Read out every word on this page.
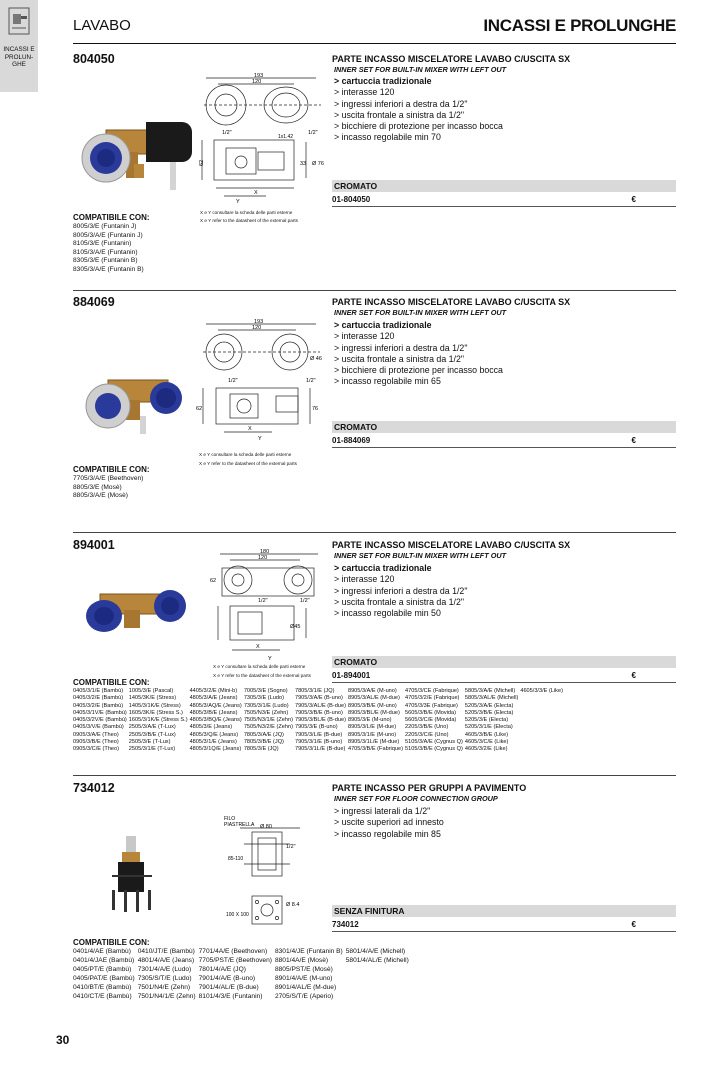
INCASSI E
PROLUN-
GHE
LAVABO	INCASSI E PROLUNGHE
804050	PARTE INCASSO MISCELATORE LAVABO C/USCITA SX
INNER SET FOR BUILT-IN MIXER WITH LEFT OUT
> cartuccia tradizionale
> interasse 120
> ingressi inferiori a destra da 1/2"
> uscita frontale a sinistra da 1/2"
> bicchiere di protezione per incasso bocca
> incasso regolabile min 70
193
120
1/2"	1/2"
1x1.42
62	33 Ø 76
X
Y
X e Y consultare la scheda delle parti esterne
X e Y refer to the datasheet of the external parts
CROMATO
01-804050	€
COMPATIBILE CON:
8005/3/E (Funtanin J)
8005/3/A/E (Funtanin J)
8105/3/E (Funtanin)
8105/3/A/E (Funtanin)
8305/3/E (Funtanin B)
8305/3/A/E (Funtanin B)
884069	PARTE INCASSO MISCELATORE LAVABO C/USCITA SX
INNER SET FOR BUILT-IN MIXER WITH LEFT OUT
> cartuccia tradizionale
> interasse 120
> ingressi inferiori a destra da 1/2"
> uscita frontale a sinistra da 1/2"
> bicchiere di protezione per incasso bocca
> incasso regolabile min 65
193
120
1/2"	1/2"
62	76
Ø 46
X
Y
X e Y consultare la scheda delle parti esterne
X e Y refer to the datasheet of the external parts
CROMATO
01-884069	€
COMPATIBILE CON:
7705/3/A/E (Beethoven)
8805/3/E (Mosè)
8805/3/A/E (Mosè)
894001	PARTE INCASSO MISCELATORE LAVABO C/USCITA SX
INNER SET FOR BUILT-IN MIXER WITH LEFT OUT
> cartuccia tradizionale
> interasse 120
> ingressi inferiori a destra da 1/2"
> uscita frontale a sinistra da 1/2"
> incasso regolabile min 50
180
120
1/2"	1/2"
62
Ø45
X
Y
X e Y consultare la scheda delle parti esterne
X e Y refer to the datasheet of the external parts
CROMATO
01-894001	€
COMPATIBILE CON:
0405/3/1/E (Bambù)	1005/3/E (Pascal)	4405/3/2/E (Mini-b)	7005/3/E (Sogno)	7805/3/1/E (JQ)	8905/3/A/E (M-uno)	4705/3/CE (Fabrique)	5805/3/A/E (Michell)	4605/3/3/E (Like)
0405/3/2/E (Bambù)	1405/3K/E (Stress)	4805/3/A/E (Jeans)	7305/3/E (Ludo)	7905/3/A/E (B-uno)	8905/3/AL/E (M-due)	4705/3/2/E (Fabrique)	5805/3/AL/E (Michell)	
0405/3/2/E (Bambù)	1405/3/1K/E (Stress)	4805/3/AQ/E (Jeans)	7305/3/1/E (Ludo)	7905/3/AL/E (B-due)	8905/3/B/E (M-uno)	4705/3/3E (Fabrique)	5205/3/A/E (Electa)	
0405/3/1V/E (Bambù)	1605/3K/E (Stress S.)	4805/3/B/E (Jeans)	7505/N3/E (Zehn)	7905/3/B/E (B-uno)	8905/3/BL/E (M-due)	5605/3/B/E (Movida)	5205/3/B/E (Electa)	
0405/3/2V/E (Bambù)	1605/3/1K/E (Stress S.)	4805/3/BQ/E (Jeans)	7505/N3/1/E (Zehn)	7905/3/BL/E (B-due)	8905/3/E (M-uno)	5605/3/C/E (Movida)	5205/3/E (Electa)	
0405/3/V/E (Bambù)	2505/3/A/E (T-Lux)	4805/3/E (Jeans)	7505/N3/2/E (Zehn)	7905/3/E (B-uno)	8905/3/L/E (M-due)	2205/3/B/E (Uno)	5205/3/1/E (Electa)	
0905/3/A/E (Theo)	2505/3/B/E (T-Lux)	4805/3/Q/E (Jeans)	7805/3/A/E (JQ)	7905/3/L/E (B-due)	8905/3/1/E (M-uno)	2205/3/C/E (Uno)	4605/3/B/E (Like)	
0905/3/B/E (Theo)	2505/3/E (T-Lux)	4805/3/1/E (Jeans)	7805/3/B/E (JQ)	7905/3/1/E (B-uno)	8905/3/1L/E (M-due)	5105/3/A/E (Cygnus Q)	4605/3/C/E (Like)	
0905/3/C/E (Theo)	2505/3/1/E (T-Lux)	4805/3/1Q/E (Jeans)	7805/3/E (JQ)	7905/3/1L/E (B-due)	4705/3/B/E (Fabrique)	5105/3/B/E (Cygnus Q)	4605/3/2/E (Like)	
734012	PARTE INCASSO PER GRUPPI A PAVIMENTO
INNER SET FOR FLOOR CONNECTION GROUP
> ingressi laterali da 1/2"
> uscite superiori ad innesto
> incasso regolabile min 85
FILO
PIASTRELLA Ø 80
85-110
100 X 100
1/2"
Ø 8.4
SENZA FINITURA
734012	€
COMPATIBILE CON:
0401/4/AE (Bambù)	0410/JT/E (Bambù)	7701/4A/E (Beethoven)	8301/4/JE (Funtanin B)	5801/4/A/E (Michell)
0401/4/JAE (Bambù)	4801/4/A/E (Jeans)	7705/PST/E (Beethoven)	8801/4A/E (Mosè)	5801/4/AL/E (Michell)
0405/PT/E (Bambù)	7301/4/A/E (Ludo)	7801/4/A/E (JQ)	8805/PST/E (Mosè)	
0405/PAT/E (Bambù)	7305/S/T/E (Ludo)	7901/4/A/E (B-uno)	8901/4/A/E (M-uno)	
0410/BT/E (Bambù)	7501/N4/E (Zehn)	7901/4/AL/E (B-due)	8901/4/AL/E (M-due)	
0410/CT/E (Bambù)	7501/N4/1/E (Zehn)	8101/4/3/E (Funtanin)	2705/S/T/E (Aperio)	
30
